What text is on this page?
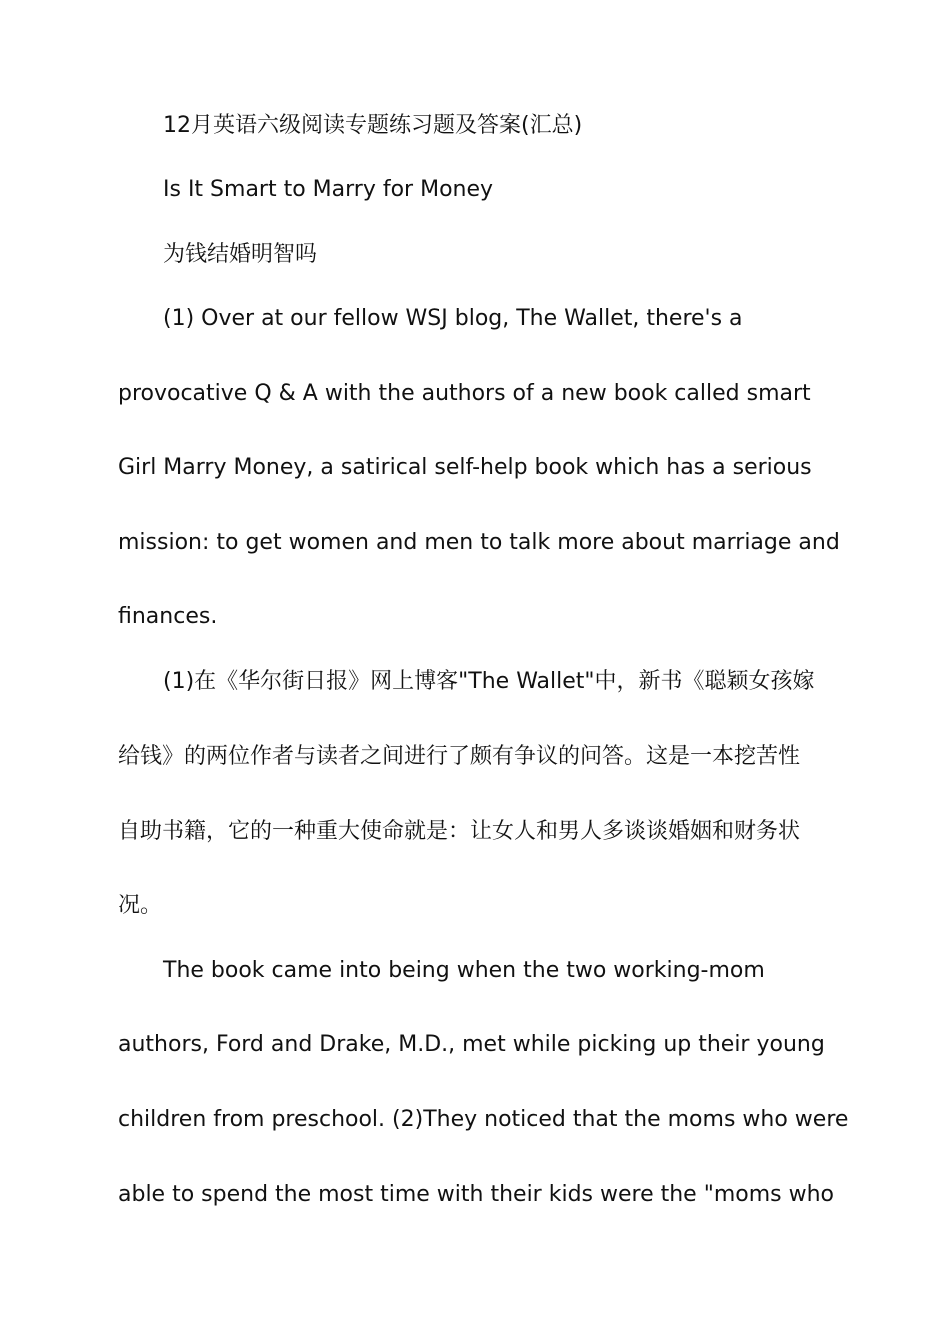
12月英语六级阅读专题练习题及答案(汇总)
Is It Smart to Marry for Money
为钱结婚明智吗
(1) Over at our fellow WSJ blog, The Wallet, there's a
provocative Q & A with the authors of a new book called smart
Girl Marry Money, a satirical self-help book which has a serious
mission: to get women and men to talk more about marriage and
finances.
(1)在《华尔街日报》网上博客"The Wallet"中，新书《聪颖女孩嫁
给钱》的两位作者与读者之间进行了颇有争议的问答。这是一本挖苦性
自助书籍，它的一种重大使命就是：让女人和男人多谈谈婚姻和财务状
况。
The book came into being when the two working-mom
authors, Ford and Drake, M.D., met while picking up their young
children from preschool. (2)They noticed that the moms who were
able to spend the most time with their kids were the "moms who
